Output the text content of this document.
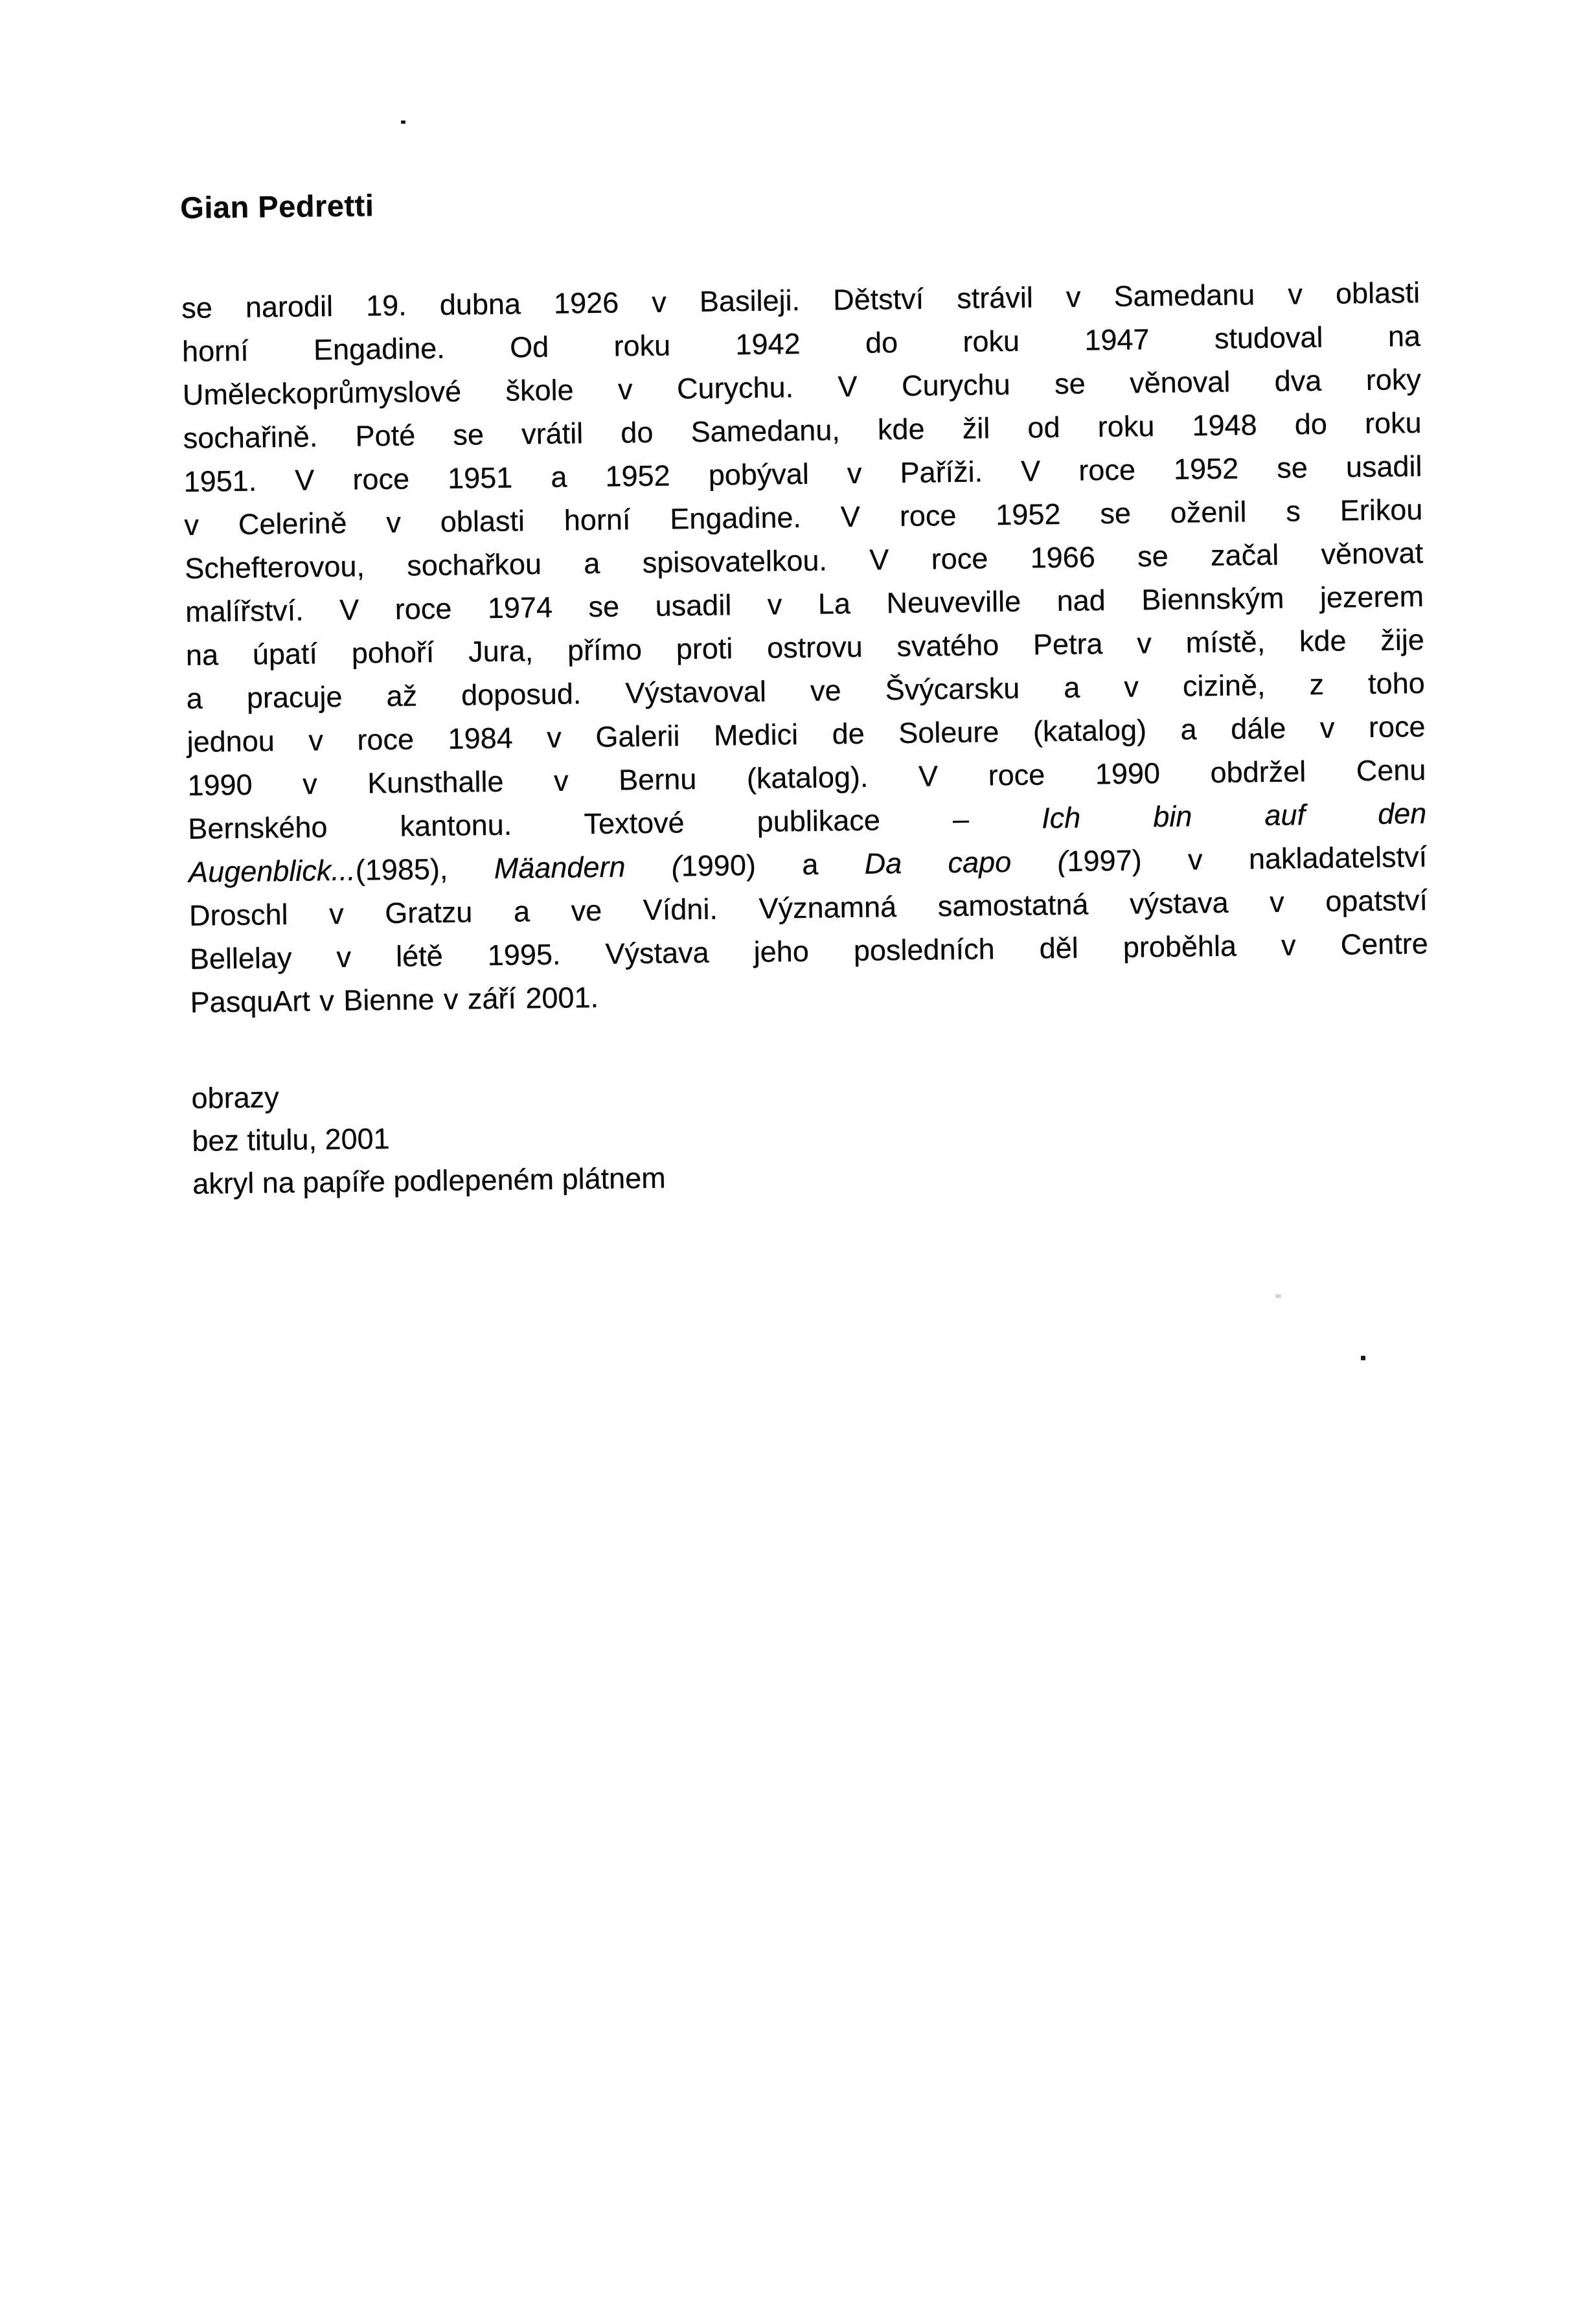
Gian Pedretti
se narodil 19. dubna 1926 v Basileji. Dětství strávil v Samedanu v oblasti
horní Engadine. Od roku 1942 do roku 1947 studoval na
Uměleckoprůmyslové škole v Curychu. V Curychu se věnoval dva roky
sochařině. Poté se vrátil do Samedanu, kde žil od roku 1948 do roku
1951. V roce 1951 a 1952 pobýval v Paříži. V roce 1952 se usadil
v Celerině v oblasti horní Engadine. V roce 1952 se oženil s Erikou
Schefterovou, sochařkou a spisovatelkou. V roce 1966 se začal věnovat
malířství. V roce 1974 se usadil v La Neuveville nad Biennským jezerem
na úpatí pohoří Jura, přímo proti ostrovu svatého Petra v místě, kde žije
a pracuje až doposud. Výstavoval ve Švýcarsku a v cizině, z toho
jednou v roce 1984 v Galerii Medici de Soleure (katalog) a dále v roce
1990 v Kunsthalle v Bernu (katalog). V roce 1990 obdržel Cenu
Bernského kantonu. Textové publikace – Ich bin auf den
Augenblick...(1985), Mäandern (1990) a Da capo (1997) v nakladatelství
Droschl v Gratzu a ve Vídni. Významná samostatná výstava v opatství
Bellelay v létě 1995. Výstava jeho posledních děl proběhla v Centre
PasquArt v Bienne v září 2001.
obrazy
bez titulu, 2001
akryl na papíře podlepeném plátnem
